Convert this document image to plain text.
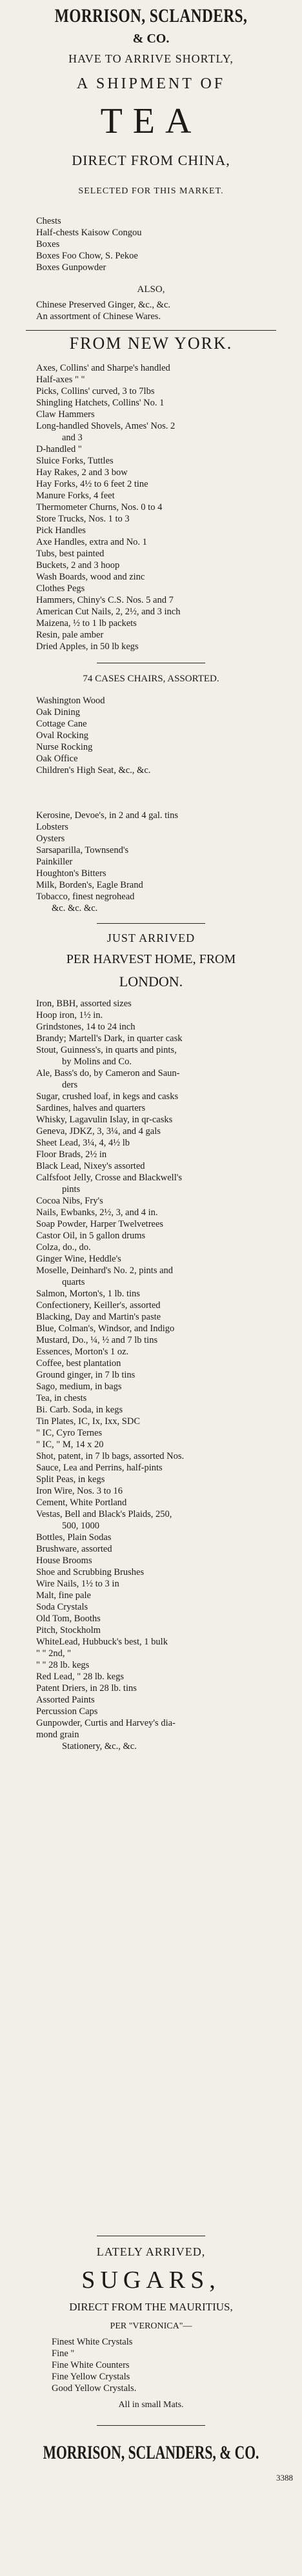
MORRISON, SCLANDERS,
& CO.
HAVE TO ARRIVE SHORTLY,
A SHIPMENT OF
TEA
DIRECT FROM CHINA,
SELECTED FOR THIS MARKET.
Chests
Half-chests Kaisow Congou
Boxes
Boxes Foo Chow, S. Pekoe
Boxes Gunpowder
ALSO,
Chinese Preserved Ginger, &c., &c.
An assortment of Chinese Wares.
FROM NEW YORK.
Axes, Collins' and Sharpe's handled
Half-axes " "
Picks, Collins' curved, 3 to 7lbs
Shingling Hatchets, Collins' No. 1
Claw Hammers
Long-handled Shovels, Ames' Nos. 2
and 3
D-handled "
Sluice Forks, Tuttles
Hay Rakes, 2 and 3 bow
Hay Forks, 4½ to 6 feet 2 tine
Manure Forks, 4 feet
Thermometer Churns, Nos. 0 to 4
Store Trucks, Nos. 1 to 3
Pick Handles
Axe Handles, extra and No. 1
Tubs, best painted
Buckets, 2 and 3 hoop
Wash Boards, wood and zinc
Clothes Pegs
Hammers, Chiny's C.S. Nos. 5 and 7
American Cut Nails, 2, 2½, and 3 inch
Maizena, ½ to 1 lb packets
Resin, pale amber
Dried Apples, in 50 lb kegs
74 CASES CHAIRS, ASSORTED.
Washington Wood
Oak Dining
Cottage Cane
Oval Rocking
Nurse Rocking
Oak Office
Children's High Seat, &c., &c.
Kerosine, Devoe's, in 2 and 4 gal. tins
Lobsters
Oysters
Sarsaparilla, Townsend's
Painkiller
Houghton's Bitters
Milk, Borden's, Eagle Brand
Tobacco, finest negrohead
&c. &c. &c.
JUST ARRIVED
PER HARVEST HOME, FROM
LONDON.
Iron, BBH, assorted sizes
Hoop iron, 1½ in.
Grindstones, 14 to 24 inch
Brandy; Martell's Dark, in quarter cask
Stout, Guinness's, in quarts and pints,
by Molins and Co.
Ale, Bass's do, by Cameron and Saun-
ders
Sugar, crushed loaf, in kegs and casks
Sardines, halves and quarters
Whisky, Lagavulin Islay, in qr-casks
Geneva, JDKZ, 3, 3¼, and 4 gals
Sheet Lead, 3¼, 4, 4½ lb
Floor Brads, 2½ in
Black Lead, Nixey's assorted
Calfsfoot Jelly, Crosse and Blackwell's
pints
Cocoa Nibs, Fry's
Nails, Ewbanks, 2½, 3, and 4 in.
Soap Powder, Harper Twelvetrees
Castor Oil, in 5 gallon drums
Colza, do., do.
Ginger Wine, Heddle's
Moselle, Deinhard's No. 2, pints and
quarts
Salmon, Morton's, 1 lb. tins
Confectionery, Keiller's, assorted
Blacking, Day and Martin's paste
Blue, Colman's, Windsor, and Indigo
Mustard, Do., ¼, ½ and 7 lb tins
Essences, Morton's 1 oz.
Coffee, best plantation
Ground ginger, in 7 lb tins
Sago, medium, in bags
Tea, in chests
Bi. Carb. Soda, in kegs
Tin Plates, IC, Ix, Ixx, SDC
" IC, Cyro Ternes
" IC, " M, 14 x 20
Shot, patent, in 7 lb bags, assorted Nos.
Sauce, Lea and Perrins, half-pints
Split Peas, in kegs
Iron Wire, Nos. 3 to 16
Cement, White Portland
Vestas, Bell and Black's Plaids, 250,
500, 1000
Bottles, Plain Sodas
Brushware, assorted
House Brooms
Shoe and Scrubbing Brushes
Wire Nails, 1½ to 3 in
Malt, fine pale
Soda Crystals
Old Tom, Booths
Pitch, Stockholm
WhiteLead, Hubbuck's best, 1 bulk
" " 2nd, "
" " 28 lb. kegs
Red Lead, " 28 lb. kegs
Patent Driers, in 28 lb. tins
Assorted Paints
Percussion Caps
Gunpowder, Curtis and Harvey's dia-
mond grain
Stationery, &c., &c.
LATELY ARRIVED,
SUGARS,
DIRECT FROM THE MAURITIUS,
PER "VERONICA"—
Finest White Crystals
Fine "
Fine White Counters
Fine Yellow Crystals
Good Yellow Crystals.
All in small Mats.
MORRISON, SCLANDERS, & CO.
3388
